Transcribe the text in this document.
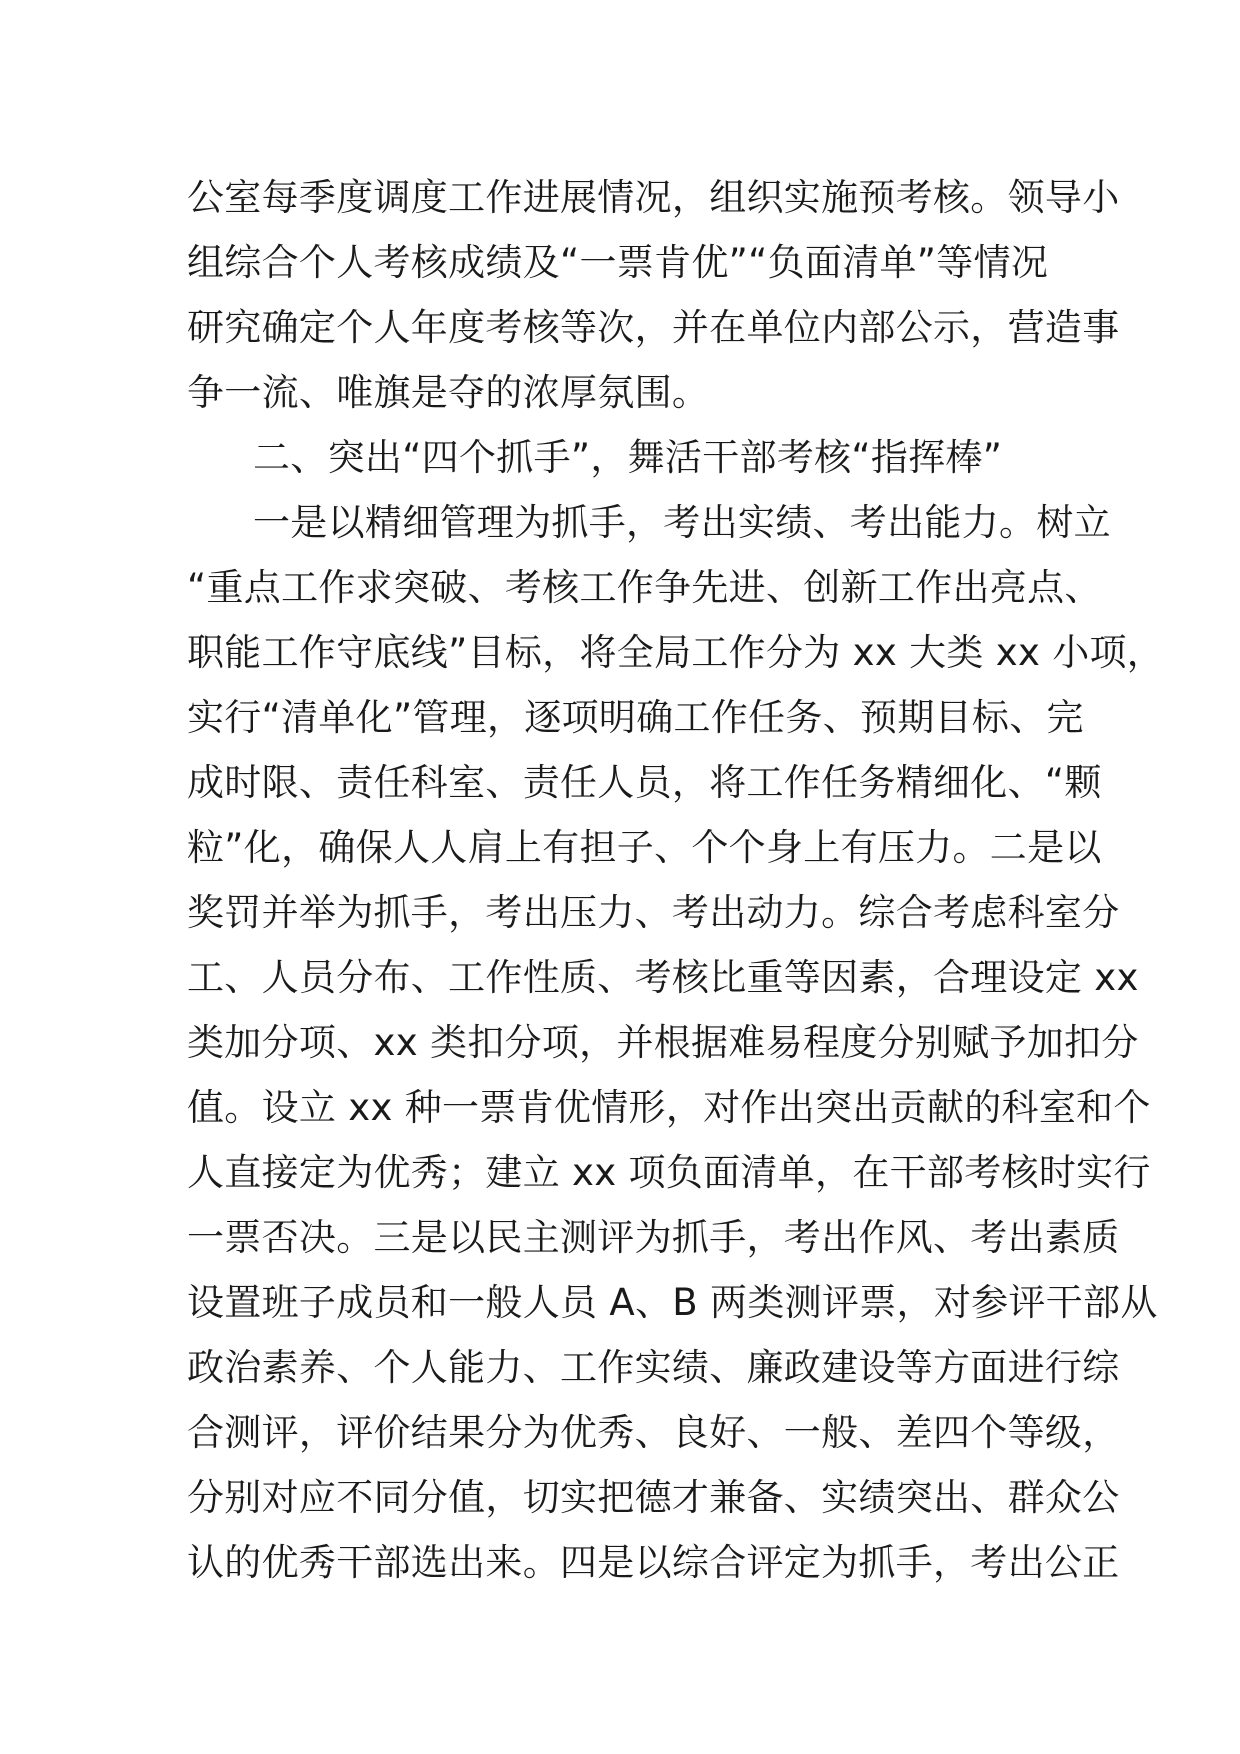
公室每季度调度工作进展情况，组织实施预考核。领导小
组综合个人考核成绩及“一票肯优”“负面清单”等情况
研究确定个人年度考核等次，并在单位内部公示，营造事
争一流、唯旗是夺的浓厚氛围。
二、突出“四个抓手”，舞活干部考核“指挥棒”
一是以精细管理为抓手，考出实绩、考出能力。树立
“重点工作求突破、考核工作争先进、创新工作出亮点、
职能工作守底线”目标，将全局工作分为 xx 大类 xx 小项，
实行“清单化”管理，逐项明确工作任务、预期目标、完
成时限、责任科室、责任人员，将工作任务精细化、“颗
粒”化，确保人人肩上有担子、个个身上有压力。二是以
奖罚并举为抓手，考出压力、考出动力。综合考虑科室分
工、人员分布、工作性质、考核比重等因素，合理设定 xx
类加分项、xx 类扣分项，并根据难易程度分别赋予加扣分
值。设立 xx 种一票肯优情形，对作出突出贡献的科室和个
人直接定为优秀；建立 xx 项负面清单，在干部考核时实行
一票否决。三是以民主测评为抓手，考出作风、考出素质
设置班子成员和一般人员 A、B 两类测评票，对参评干部从
政治素养、个人能力、工作实绩、廉政建设等方面进行综
合测评，评价结果分为优秀、良好、一般、差四个等级，
分别对应不同分值，切实把德才兼备、实绩突出、群众公
认的优秀干部选出来。四是以综合评定为抓手，考出公正
